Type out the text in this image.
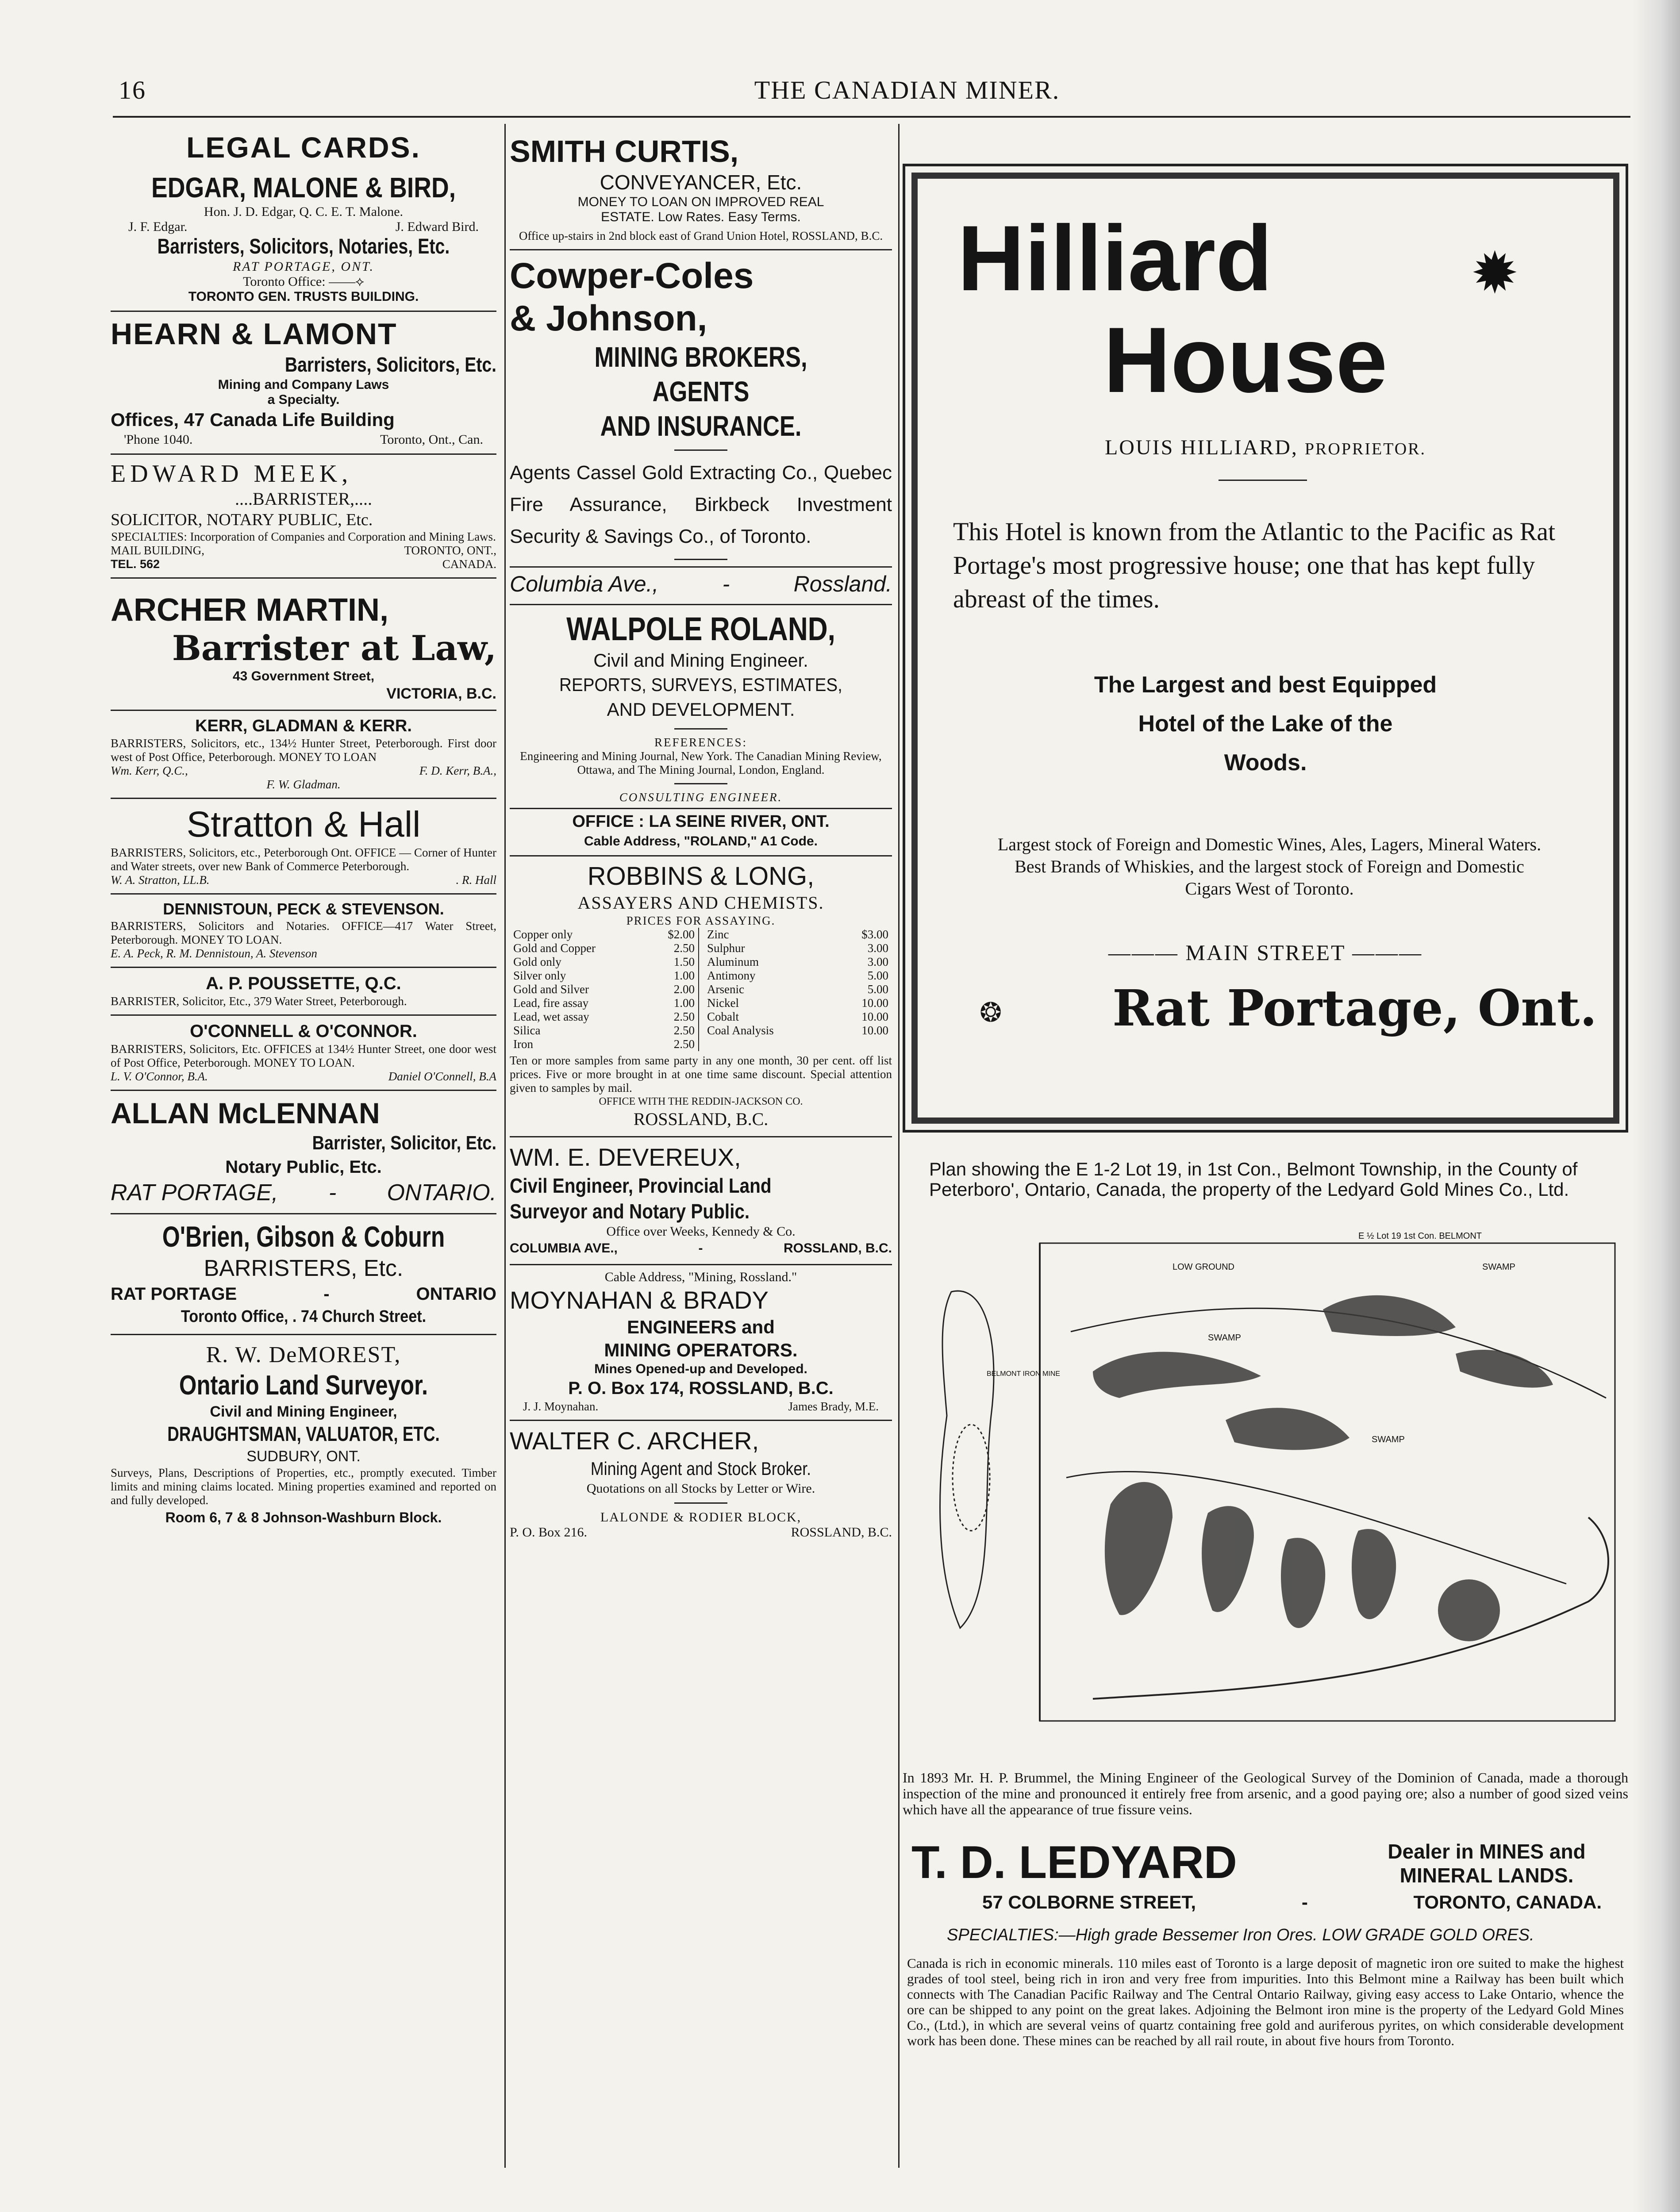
16	THE CANADIAN MINER.
LEGAL CARDS.
EDGAR, MALONE & BIRD,
Hon. J. D. Edgar, Q. C. E. T. Malone.
J. F. Edgar.	J. Edward Bird.
Barristers, Solicitors, Notaries, Etc.
RAT PORTAGE, ONT.
Toronto Office: ——⟡
TORONTO GEN. TRUSTS BUILDING.
HEARN & LAMONT
Barristers, Solicitors, Etc.
Mining and Company Laws
a Specialty.
Offices, 47 Canada Life Building
'Phone 1040.	Toronto, Ont., Can.
EDWARD MEEK,
....BARRISTER,....
SOLICITOR, NOTARY PUBLIC, Etc.
SPECIALTIES: Incorporation of Companies and Corporation and Mining Laws.
MAIL BUILDING,	TORONTO, ONT.,
TEL. 562	CANADA.
ARCHER MARTIN,
Barrister at Law,
43 Government Street,
VICTORIA, B.C.
KERR, GLADMAN & KERR.
BARRISTERS, Solicitors, etc., 134½ Hunter Street, Peterborough. First door west of Post Office, Peterborough. MONEY TO LOAN
Wm. Kerr, Q.C.,	F. D. Kerr, B.A.,
F. W. Gladman.
Stratton & Hall
BARRISTERS, Solicitors, etc., Peterborough Ont. OFFICE — Corner of Hunter and Water streets, over new Bank of Commerce Peterborough.
W. A. Stratton, LL.B.	. R. Hall
DENNISTOUN, PECK & STEVENSON.
BARRISTERS, Solicitors and Notaries. OFFICE—417 Water Street, Peterborough. MONEY TO LOAN.
E. A. Peck, R. M. Dennistoun, A. Stevenson
A. P. POUSSETTE, Q.C.
BARRISTER, Solicitor, Etc., 379 Water Street, Peterborough.
O'CONNELL & O'CONNOR.
BARRISTERS, Solicitors, Etc. OFFICES at 134½ Hunter Street, one door west of Post Office, Peterborough. MONEY TO LOAN.
L. V. O'Connor, B.A.	Daniel O'Connell, B.A
ALLAN McLENNAN
Barrister, Solicitor, Etc.
Notary Public, Etc.
RAT PORTAGE, - ONTARIO.
O'Brien, Gibson & Coburn
BARRISTERS, Etc.
RAT PORTAGE	-	ONTARIO
Toronto Office, . 74 Church Street.
R. W. DeMOREST,
Ontario Land Surveyor.
Civil and Mining Engineer,
DRAUGHTSMAN, VALUATOR, ETC.
SUDBURY, ONT.
Surveys, Plans, Descriptions of Properties, etc., promptly executed. Timber limits and mining claims located. Mining properties examined and reported on and fully developed.
Room 6, 7 & 8 Johnson-Washburn Block.
SMITH CURTIS,
CONVEYANCER, Etc.
MONEY TO LOAN ON IMPROVED REAL
ESTATE. Low Rates. Easy Terms.
Office up-stairs in 2nd block east of Grand Union Hotel, ROSSLAND, B.C.
Cowper-Coles
& Johnson,
MINING BROKERS,
AGENTS
AND INSURANCE.
Agents Cassel Gold Extracting Co., Quebec Fire Assurance, Birkbeck Investment Security & Savings Co., of Toronto.
Columbia Ave.,	-	Rossland.
WALPOLE ROLAND,
Civil and Mining Engineer.
REPORTS, SURVEYS, ESTIMATES,
AND DEVELOPMENT.
REFERENCES:
Engineering and Mining Journal, New York. The Canadian Mining Review, Ottawa, and The Mining Journal, London, England.
CONSULTING ENGINEER.
OFFICE : LA SEINE RIVER, ONT.
Cable Address, "ROLAND," A1 Code.
ROBBINS & LONG,
ASSAYERS AND CHEMISTS.
PRICES FOR ASSAYING.
Copper only	$2.00
Gold and Copper	2.50
Gold only	1.50
Silver only	1.00
Gold and Silver	2.00
Lead, fire assay	1.00
Lead, wet assay	2.50
Silica	2.50
Iron	2.50
Zinc	$3.00
Sulphur	3.00
Aluminum	3.00
Antimony	5.00
Arsenic	5.00
Nickel	10.00
Cobalt	10.00
Coal Analysis	10.00
Ten or more samples from same party in any one month, 30 per cent. off list prices. Five or more brought in at one time same discount. Special attention given to samples by mail.
OFFICE WITH THE REDDIN-JACKSON CO.
ROSSLAND, B.C.
WM. E. DEVEREUX,
Civil Engineer, Provincial Land Surveyor and Notary Public.
Office over Weeks, Kennedy & Co.
COLUMBIA AVE.,	-	ROSSLAND, B.C.
Cable Address, "Mining, Rossland."
MOYNAHAN & BRADY
ENGINEERS and
MINING OPERATORS.
Mines Opened-up and Developed.
P. O. Box 174, ROSSLAND, B.C.
J. J. Moynahan.	James Brady, M.E.
WALTER C. ARCHER,
Mining Agent and Stock Broker.
Quotations on all Stocks by Letter or Wire.
LALONDE & RODIER BLOCK,
P. O. Box 216.	ROSSLAND, B.C.
Hilliard	✹
House
LOUIS HILLIARD, PROPRIETOR.
This Hotel is known from the Atlantic to the Pacific as Rat Portage's most progressive house; one that has kept fully abreast of the times.
The Largest and best Equipped
Hotel of the Lake of the
Woods.
Largest stock of Foreign and Domestic Wines, Ales, Lagers, Mineral Waters. Best Brands of Whiskies, and the largest stock of Foreign and Domestic Cigars West of Toronto.
——— MAIN STREET ———
❂ Rat Portage, Ont.
Plan showing the E 1-2 Lot 19, in 1st Con., Belmont Township, in the County of Peterboro', Ontario, Canada, the property of the Ledyard Gold Mines Co., Ltd.
E ½ Lot 19 1st Con. BELMONT
LOW GROUND	SWAMP
SWAMP
SWAMP
BELMONT IRON MINE
In 1893 Mr. H. P. Brummel, the Mining Engineer of the Geological Survey of the Dominion of Canada, made a thorough inspection of the mine and pronounced it entirely free from arsenic, and a good paying ore; also a number of good sized veins which have all the appearance of true fissure veins.
T. D. LEDYARD	Dealer in MINES and
MINERAL LANDS.
57 COLBORNE STREET,	-	TORONTO, CANADA.
SPECIALTIES:—High grade Bessemer Iron Ores. LOW GRADE GOLD ORES.
Canada is rich in economic minerals. 110 miles east of Toronto is a large deposit of magnetic iron ore suited to make the highest grades of tool steel, being rich in iron and very free from impurities. Into this Belmont mine a Railway has been built which connects with The Canadian Pacific Railway and The Central Ontario Railway, giving easy access to Lake Ontario, whence the ore can be shipped to any point on the great lakes. Adjoining the Belmont iron mine is the property of the Ledyard Gold Mines Co., (Ltd.), in which are several veins of quartz containing free gold and auriferous pyrites, on which considerable development work has been done. These mines can be reached by all rail route, in about five hours from Toronto.
